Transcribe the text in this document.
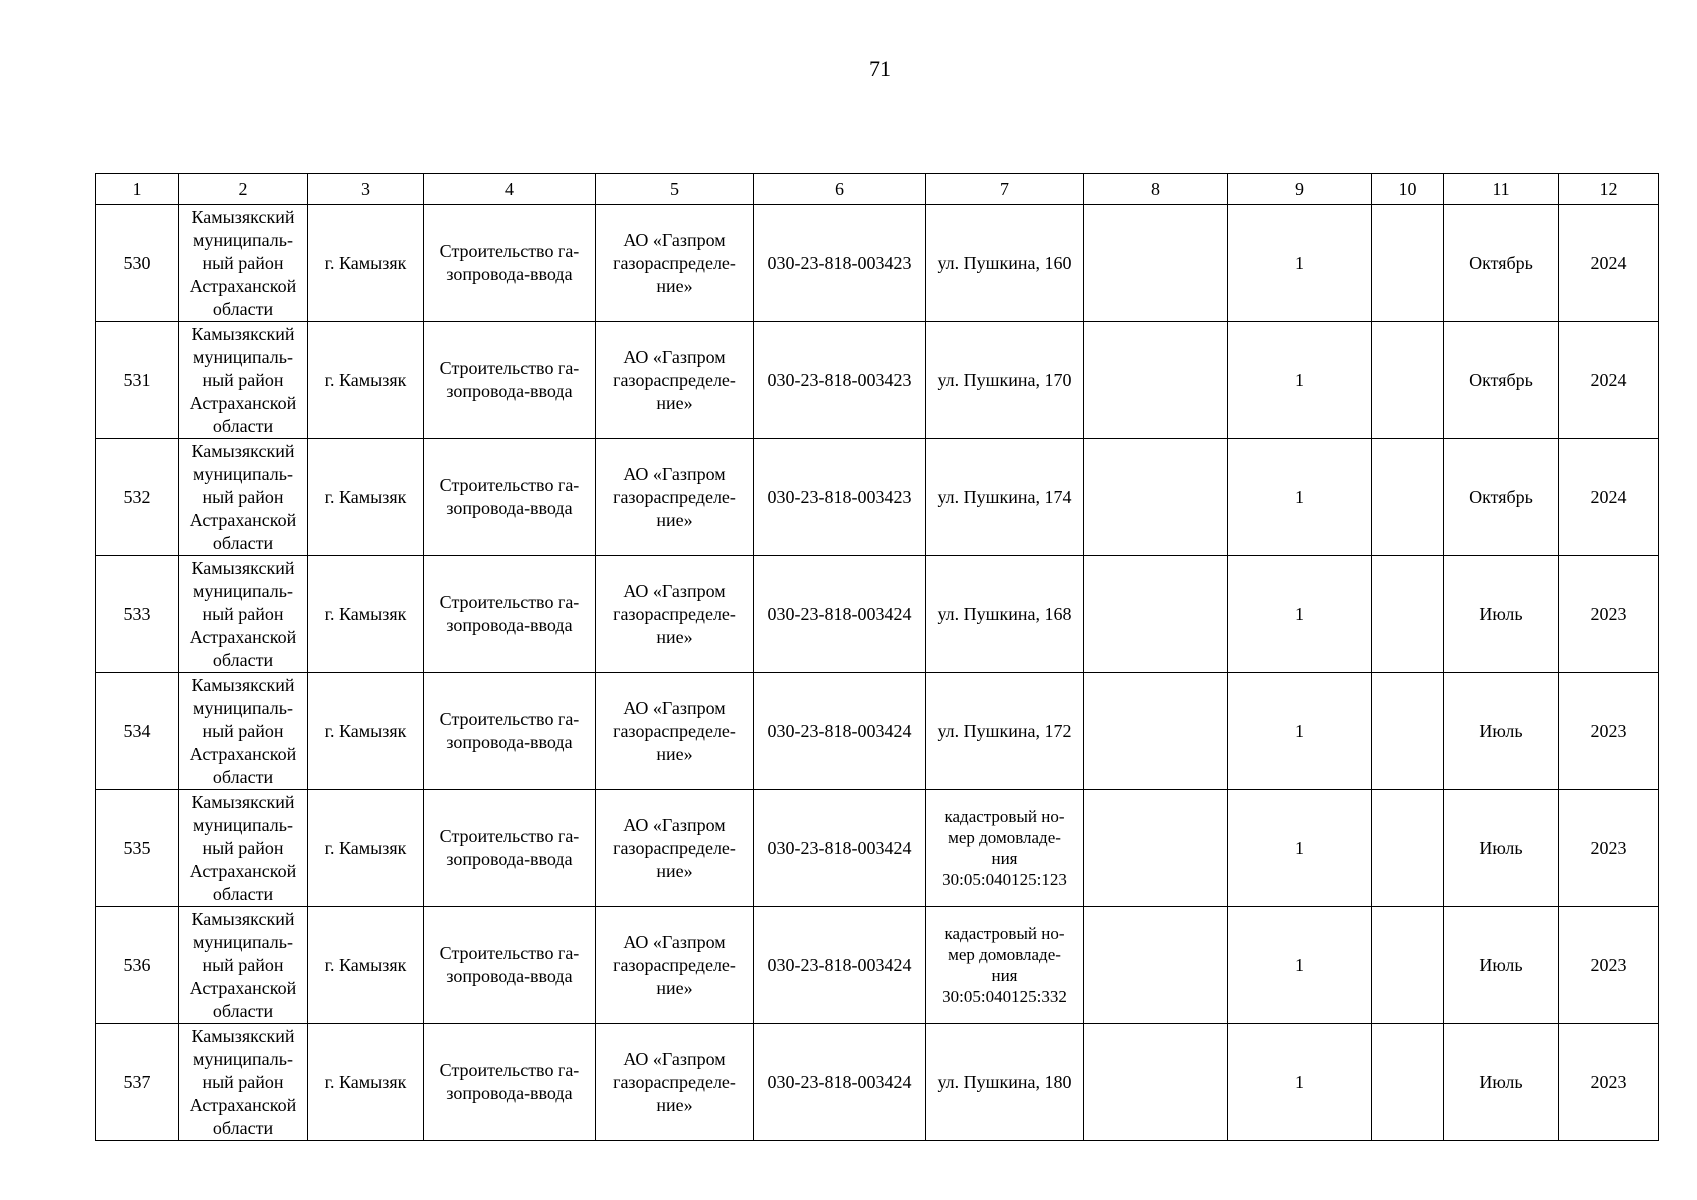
71
1	2	3	4	5	6	7	8	9	10	11	12
530	Камызякский
муниципаль-
ный район
Астраханской
области	г. Камызяк	Строительство га-
зопровода-ввода	АО «Газпром
газораспределе-
ние»	030-23-818-003423	ул. Пушкина, 160		1		Октябрь	2024
531	Камызякский
муниципаль-
ный район
Астраханской
области	г. Камызяк	Строительство га-
зопровода-ввода	АО «Газпром
газораспределе-
ние»	030-23-818-003423	ул. Пушкина, 170		1		Октябрь	2024
532	Камызякский
муниципаль-
ный район
Астраханской
области	г. Камызяк	Строительство га-
зопровода-ввода	АО «Газпром
газораспределе-
ние»	030-23-818-003423	ул. Пушкина, 174		1		Октябрь	2024
533	Камызякский
муниципаль-
ный район
Астраханской
области	г. Камызяк	Строительство га-
зопровода-ввода	АО «Газпром
газораспределе-
ние»	030-23-818-003424	ул. Пушкина, 168		1		Июль	2023
534	Камызякский
муниципаль-
ный район
Астраханской
области	г. Камызяк	Строительство га-
зопровода-ввода	АО «Газпром
газораспределе-
ние»	030-23-818-003424	ул. Пушкина, 172		1		Июль	2023
535	Камызякский
муниципаль-
ный район
Астраханской
области	г. Камызяк	Строительство га-
зопровода-ввода	АО «Газпром
газораспределе-
ние»	030-23-818-003424	кадастровый но-
мер домовладе-
ния
30:05:040125:123		1		Июль	2023
536	Камызякский
муниципаль-
ный район
Астраханской
области	г. Камызяк	Строительство га-
зопровода-ввода	АО «Газпром
газораспределе-
ние»	030-23-818-003424	кадастровый но-
мер домовладе-
ния
30:05:040125:332		1		Июль	2023
537	Камызякский
муниципаль-
ный район
Астраханской
области	г. Камызяк	Строительство га-
зопровода-ввода	АО «Газпром
газораспределе-
ние»	030-23-818-003424	ул. Пушкина, 180		1		Июль	2023
